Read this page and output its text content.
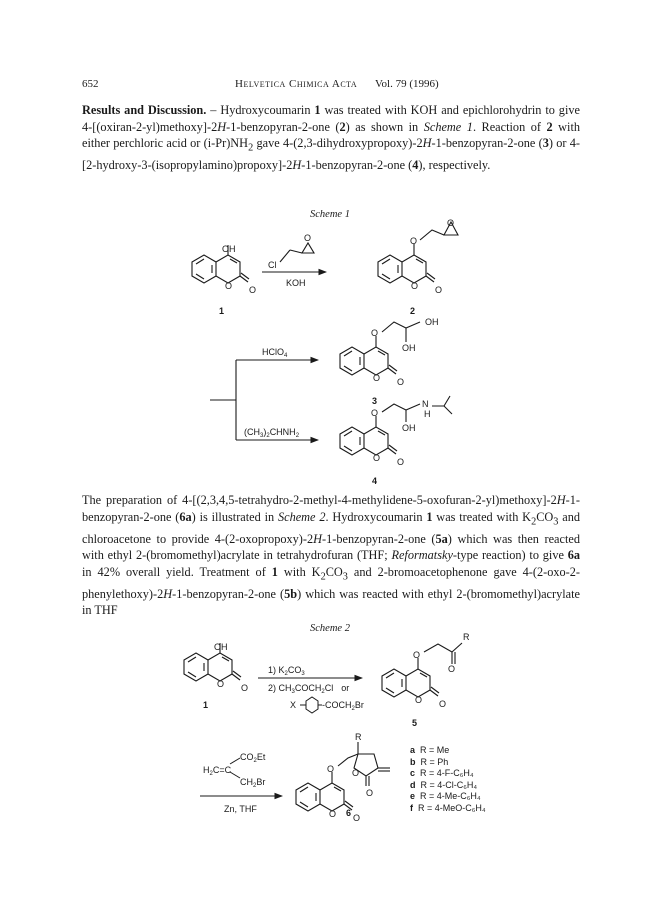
652	Helvetica Chimica Acta Vol. 79 (1996)

Results and Discussion. – Hydroxycoumarin 1 was treated with KOH and epichlorohydrin to give 4-[(oxiran-2-yl)methoxy]-2H-1-benzopyran-2-one (2) as shown in Scheme 1. Reaction of 2 with either perchloric acid or $(i-Pr)NH_2$ gave 4-(2,3-dihydroxypropoxy)-2H-1-benzopyran-2-one (3) or 4-[2-hydroxy-3-(isopropylamino)propoxy]-2H-1-benzopyran-2-one (4), respectively.

Scheme 1
OH
O O
1
Cl
O
KOH
O
O
O O
2
HClO$_4$
$(CH_3)_2CHNH_2$
O
OH
OH
O O
3
O
N
H
OH
O O
4
OH
O O
1
1) $K_2CO_3$
2) $CH_3COCH_2Cl$ or
X	$-COCH_2Br$
O
R
O
O O
5
$H_2C=C$
$CO_2Et$
$CH_2Br$
Zn, THF
O
R
O
O
O O
6

The preparation of 4-[(2,3,4,5-tetrahydro-2-methyl-4-methylidene-5-oxofuran-2-yl)methoxy]-2H-1-benzopyran-2-one (6a) is illustrated in Scheme 2. Hydroxycoumarin 1 was treated with $K_2CO_3$ and chloroacetone to provide 4-(2-oxopropoxy)-2H-1-benzopyran-2-one (5a) which was then reacted with ethyl 2-(bromomethyl)acrylate in tetrahydrofuran (THF; Reformatsky-type reaction) to give 6a in 42% overall yield. Treatment of 1 with $K_2CO_3$ and 2-bromoacetophenone gave 4-(2-oxo-2-phenylethoxy)-2H-1-benzopyran-2-one (5b) which was reacted with ethyl 2-(bromomethyl)acrylate in THF

Scheme 2
a R = Me
b R = Ph
c R = 4-F-C₆H₄
d R = 4-Cl-C₆H₄
e R = 4-Me-C₆H₄
f R = 4-MeO-C₆H₄
